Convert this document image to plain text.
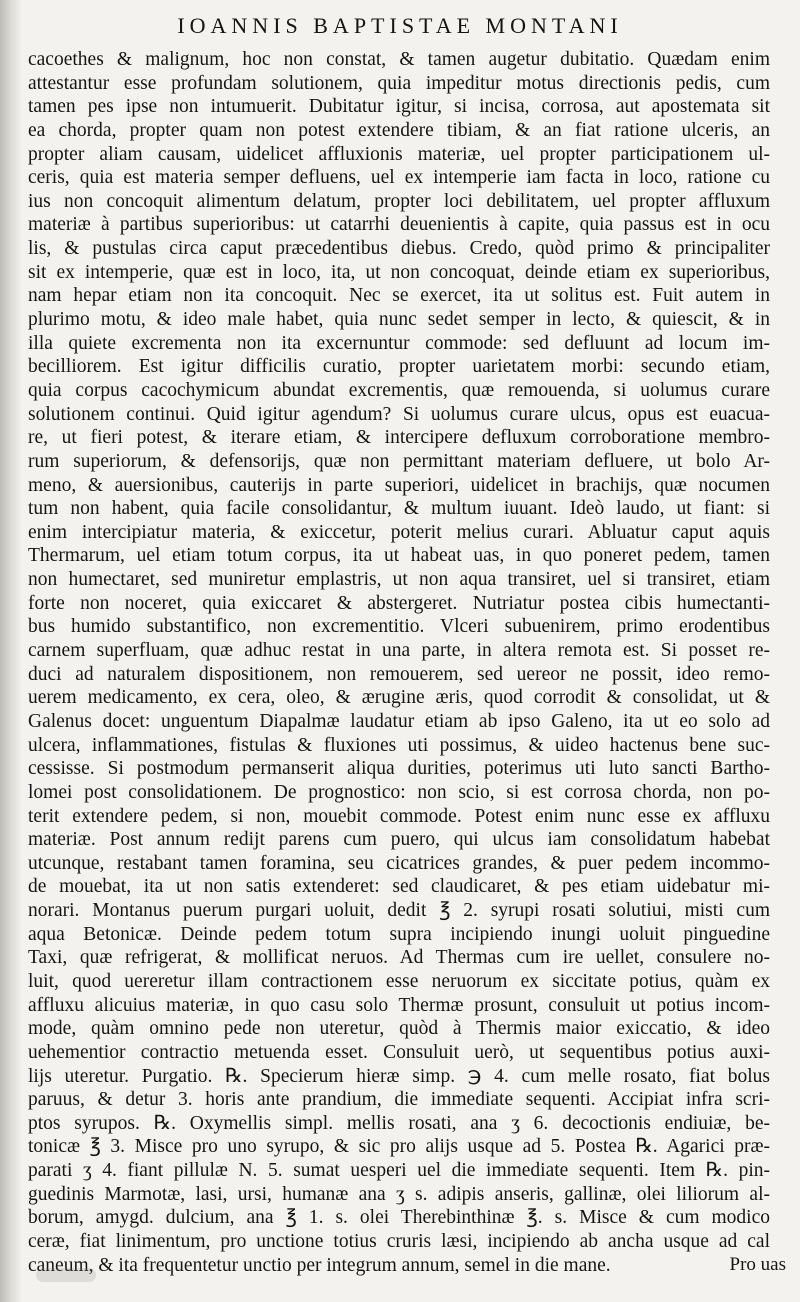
IOANNIS BAPTISTAE MONTANI
cacoethes & malignum, hoc non constat, & tamen augetur dubitatio. Quædam enim
attestantur esse profundam solutionem, quia impeditur motus directionis pedis, cum
tamen pes ipse non intumuerit. Dubitatur igitur, si incisa, corrosa, aut apostemata sit
ea chorda, propter quam non potest extendere tibiam, & an fiat ratione ulceris, an
propter aliam causam, uidelicet affluxionis materiæ, uel propter participationem ul-
ceris, quia est materia semper defluens, uel ex intemperie iam facta in loco, ratione cu
ius non concoquit alimentum delatum, propter loci debilitatem, uel propter affluxum
materiæ à partibus superioribus: ut catarrhi deuenientis à capite, quia passus est in ocu
lis, & pustulas circa caput præcedentibus diebus. Credo, quòd primo & principaliter
sit ex intemperie, quæ est in loco, ita, ut non concoquat, deinde etiam ex superioribus,
nam hepar etiam non ita concoquit. Nec se exercet, ita ut solitus est. Fuit autem in
plurimo motu, & ideo male habet, quia nunc sedet semper in lecto, & quiescit, & in
illa quiete excrementa non ita excernuntur commode: sed defluunt ad locum im-
becilliorem. Est igitur difficilis curatio, propter uarietatem morbi: secundo etiam,
quia corpus cacochymicum abundat excrementis, quæ remouenda, si uolumus curare
solutionem continui. Quid igitur agendum? Si uolumus curare ulcus, opus est euacua-
re, ut fieri potest, & iterare etiam, & intercipere defluxum corroboratione membro-
rum superiorum, & defensorijs, quæ non permittant materiam defluere, ut bolo Ar-
meno, & auersionibus, cauterijs in parte superiori, uidelicet in brachijs, quæ nocumen
tum non habent, quia facile consolidantur, & multum iuuant. Ideò laudo, ut fiant: si
enim intercipiatur materia, & exiccetur, poterit melius curari. Abluatur caput aquis
Thermarum, uel etiam totum corpus, ita ut habeat uas, in quo poneret pedem, tamen
non humectaret, sed muniretur emplastris, ut non aqua transiret, uel si transiret, etiam
forte non noceret, quia exiccaret & abstergeret. Nutriatur postea cibis humectanti-
bus humido substantifico, non excrementitio. Vlceri subuenirem, primo erodentibus
carnem superfluam, quæ adhuc restat in una parte, in altera remota est. Si posset re-
duci ad naturalem dispositionem, non remouerem, sed uereor ne possit, ideo remo-
uerem medicamento, ex cera, oleo, & ærugine æris, quod corrodit & consolidat, ut &
Galenus docet: unguentum Diapalmæ laudatur etiam ab ipso Galeno, ita ut eo solo ad
ulcera, inflammationes, fistulas & fluxiones uti possimus, & uideo hactenus bene suc-
cessisse. Si postmodum permanserit aliqua durities, poterimus uti luto sancti Bartho-
lomei post consolidationem. De prognostico: non scio, si est corrosa chorda, non po-
terit extendere pedem, si non, mouebit commode. Potest enim nunc esse ex affluxu
materiæ. Post annum redijt parens cum puero, qui ulcus iam consolidatum habebat
utcunque, restabant tamen foramina, seu cicatrices grandes, & puer pedem incommo-
de mouebat, ita ut non satis extenderet: sed claudicaret, & pes etiam uidebatur mi-
norari. Montanus puerum purgari uoluit, dedit ℥ 2. syrupi rosati solutiui, misti cum
aqua Betonicæ. Deinde pedem totum supra incipiendo inungi uoluit pinguedine
Taxi, quæ refrigerat, & mollificat neruos. Ad Thermas cum ire uellet, consulere no-
luit, quod uereretur illam contractionem esse neruorum ex siccitate potius, quàm ex
affluxu alicuius materiæ, in quo casu solo Thermæ prosunt, consuluit ut potius incom-
mode, quàm omnino pede non uteretur, quòd à Thermis maior exiccatio, & ideo
uehementior contractio metuenda esset. Consuluit uerò, ut sequentibus potius auxi-
lijs uteretur. Purgatio. ℞. Specierum hieræ simp. ℈ 4. cum melle rosato, fiat bolus
paruus, & detur 3. horis ante prandium, die immediate sequenti. Accipiat infra scri-
ptos syrupos. ℞. Oxymellis simpl. mellis rosati, ana ʒ 6. decoctionis endiuiæ, be-
tonicæ ℥ 3. Misce pro uno syrupo, & sic pro alijs usque ad 5. Postea ℞. Agarici præ-
parati ʒ 4. fiant pillulæ N. 5. sumat uesperi uel die immediate sequenti. Item ℞. pin-
guedinis Marmotæ, lasi, ursi, humanæ ana ʒ s. adipis anseris, gallinæ, olei liliorum al-
borum, amygd. dulcium, ana ℥ 1. s. olei Therebinthinæ ℥. s. Misce & cum modico
ceræ, fiat linimentum, pro unctione totius cruris læsi, incipiendo ab ancha usque ad cal
caneum, & ita frequentetur unctio per integrum annum, semel in die mane.	Pro uas
